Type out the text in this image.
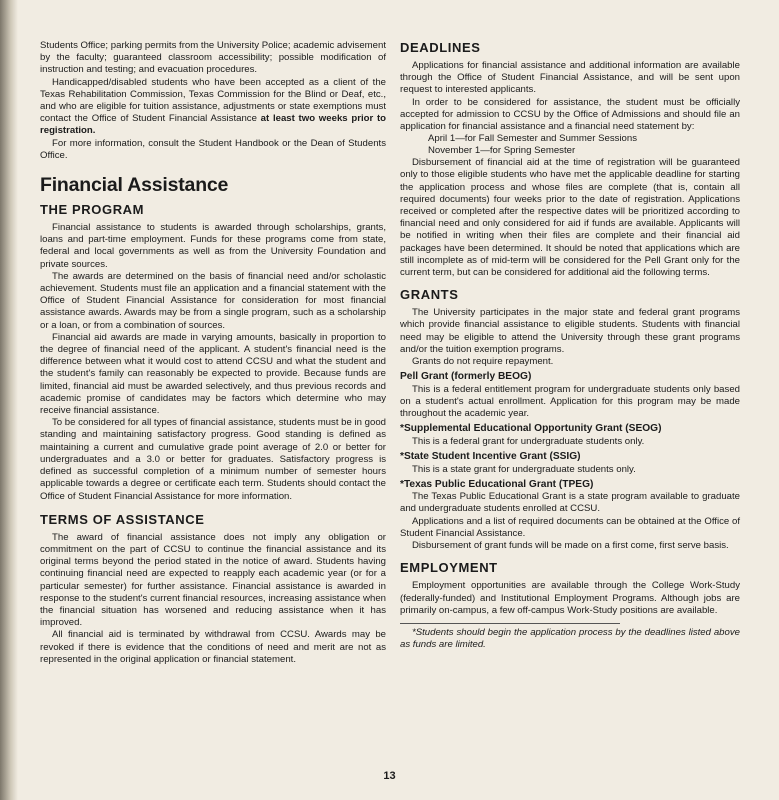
Students Office; parking permits from the University Police; academic advisement by the faculty; guaranteed classroom accessibility; possible modification of instruction and testing; and evacuation procedures.

Handicapped/disabled students who have been accepted as a client of the Texas Rehabilitation Commission, Texas Commission for the Blind or Deaf, etc., and who are eligible for tuition assistance, adjustments or state exemptions must contact the Office of Student Financial Assistance at least two weeks prior to registration.

For more information, consult the Student Handbook or the Dean of Students Office.

Financial Assistance
THE PROGRAM

Financial assistance to students is awarded through scholarships, grants, loans and part-time employment. Funds for these programs come from state, federal and local governments as well as from the University Foundation and private sources.

The awards are determined on the basis of financial need and/or scholastic achievement. Students must file an application and a financial statement with the Office of Student Financial Assistance for consideration for most financial assistance awards. Awards may be from a single program, such as a scholarship or a loan, or from a combination of sources.

Financial aid awards are made in varying amounts, basically in proportion to the degree of financial need of the applicant. A student's financial need is the difference between what it would cost to attend CCSU and what the student and the student's family can reasonably be expected to provide. Because funds are limited, financial aid must be awarded selectively, and thus previous records and academic promise of candidates may be factors which determine who may receive financial assistance.

To be considered for all types of financial assistance, students must be in good standing and maintaining satisfactory progress. Good standing is defined as maintaining a current and cumulative grade point average of 2.0 or better for undergraduates and a 3.0 or better for graduates. Satisfactory progress is defined as successful completion of a minimum number of semester hours applicable towards a degree or certificate each term. Students should contact the Office of Student Financial Assistance for more information.

TERMS OF ASSISTANCE

The award of financial assistance does not imply any obligation or commitment on the part of CCSU to continue the financial assistance and its original terms beyond the period stated in the notice of award. Students having continuing financial need are expected to reapply each academic year (or for a particular semester) for further assistance. Financial assistance is awarded in response to the student's current financial resources, increasing assistance when the financial situation has worsened and reducing assistance when it has improved.

All financial aid is terminated by withdrawal from CCSU. Awards may be revoked if there is evidence that the conditions of need and merit are not as represented in the original application or financial statement.

DEADLINES

Applications for financial assistance and additional information are available through the Office of Student Financial Assistance, and will be sent upon request to interested applicants.

In order to be considered for assistance, the student must be officially accepted for admission to CCSU by the Office of Admissions and should file an application for financial assistance and a financial need statement by:

April 1—for Fall Semester and Summer Sessions
November 1—for Spring Semester

Disbursement of financial aid at the time of registration will be guaranteed only to those eligible students who have met the applicable deadline for starting the application process and whose files are complete (that is, contain all required documents) four weeks prior to the date of registration. Applications received or completed after the respective dates will be prioritized according to financial need and only considered for aid if funds are available. Applicants will be notified in writing when their files are complete and their financial aid packages have been determined. It should be noted that applications which are still incomplete as of mid-term will be considered for the Pell Grant only for the current term, but can be considered for additional aid the following terms.

GRANTS

The University participates in the major state and federal grant programs which provide financial assistance to eligible students. Students with financial need may be eligible to attend the University through these grant programs and/or the tuition exemption programs.

Grants do not require repayment.

Pell Grant (formerly BEOG)

This is a federal entitlement program for undergraduate students only based on a student's actual enrollment. Application for this program may be made throughout the academic year.

*Supplemental Educational Opportunity Grant (SEOG)

This is a federal grant for undergraduate students only.

*State Student Incentive Grant (SSIG)

This is a state grant for undergraduate students only.

*Texas Public Educational Grant (TPEG)

The Texas Public Educational Grant is a state program available to graduate and undergraduate students enrolled at CCSU.

Applications and a list of required documents can be obtained at the Office of Student Financial Assistance.

Disbursement of grant funds will be made on a first come, first serve basis.

EMPLOYMENT

Employment opportunities are available through the College Work-Study (federally-funded) and Institutional Employment Programs. Although jobs are primarily on-campus, a few off-campus Work-Study positions are available.

*Students should begin the application process by the deadlines listed above as funds are limited.

13
